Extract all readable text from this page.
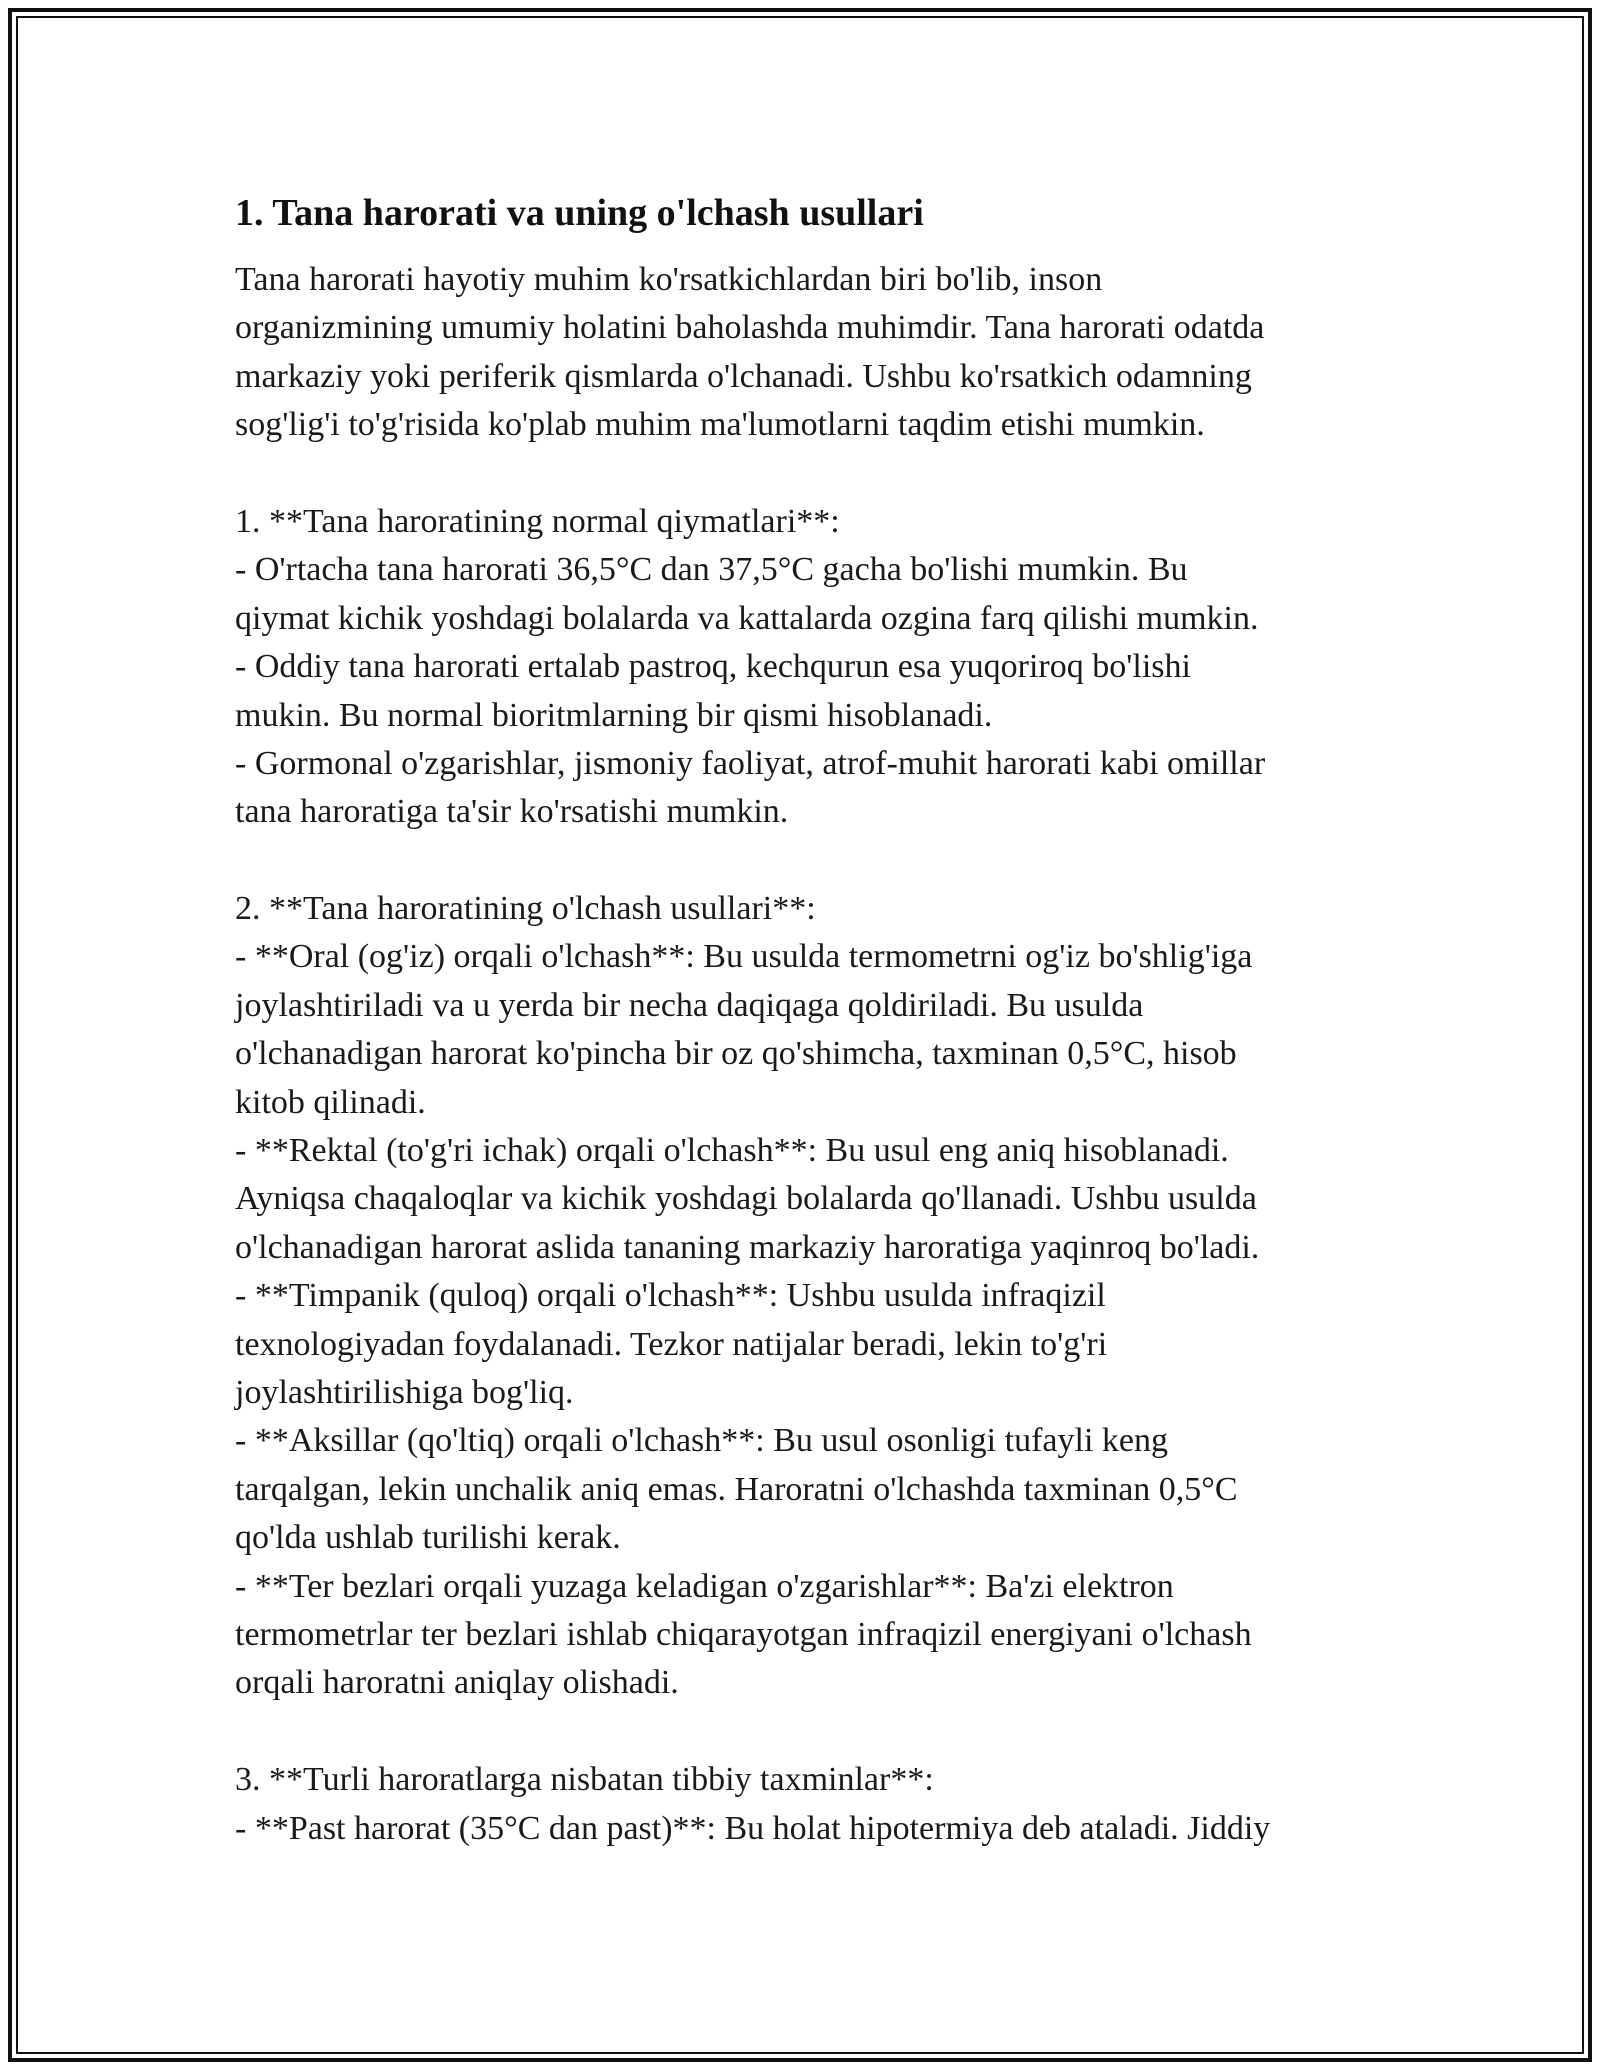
1. Tana harorati va uning o'lchash usullari
Tana harorati hayotiy muhim ko'rsatkichlardan biri bo'lib, inson
organizmining umumiy holatini baholashda muhimdir. Tana harorati odatda
markaziy yoki periferik qismlarda o'lchanadi. Ushbu ko'rsatkich odamning
sog'lig'i to'g'risida ko'plab muhim ma'lumotlarni taqdim etishi mumkin.
1. **Tana haroratining normal qiymatlari**:
- O'rtacha tana harorati 36,5°C dan 37,5°C gacha bo'lishi mumkin. Bu
qiymat kichik yoshdagi bolalarda va kattalarda ozgina farq qilishi mumkin.
- Oddiy tana harorati ertalab pastroq, kechqurun esa yuqoriroq bo'lishi
mukin. Bu normal bioritmlarning bir qismi hisoblanadi.
- Gormonal o'zgarishlar, jismoniy faoliyat, atrof-muhit harorati kabi omillar
tana haroratiga ta'sir ko'rsatishi mumkin.
2. **Tana haroratining o'lchash usullari**:
- **Oral (og'iz) orqali o'lchash**: Bu usulda termometrni og'iz bo'shlig'iga
joylashtiriladi va u yerda bir necha daqiqaga qoldiriladi. Bu usulda
o'lchanadigan harorat ko'pincha bir oz qo'shimcha, taxminan 0,5°C, hisob
kitob qilinadi.
- **Rektal (to'g'ri ichak) orqali o'lchash**: Bu usul eng aniq hisoblanadi.
Ayniqsa chaqaloqlar va kichik yoshdagi bolalarda qo'llanadi. Ushbu usulda
o'lchanadigan harorat aslida tananing markaziy haroratiga yaqinroq bo'ladi.
- **Timpanik (quloq) orqali o'lchash**: Ushbu usulda infraqizil
texnologiyadan foydalanadi. Tezkor natijalar beradi, lekin to'g'ri
joylashtirilishiga bog'liq.
- **Aksillar (qo'ltiq) orqali o'lchash**: Bu usul osonligi tufayli keng
tarqalgan, lekin unchalik aniq emas. Haroratni o'lchashda taxminan 0,5°C
qo'lda ushlab turilishi kerak.
- **Ter bezlari orqali yuzaga keladigan o'zgarishlar**: Ba'zi elektron
termometrlar ter bezlari ishlab chiqarayotgan infraqizil energiyani o'lchash
orqali haroratni aniqlay olishadi.
3. **Turli haroratlarga nisbatan tibbiy taxminlar**:
- **Past harorat (35°C dan past)**: Bu holat hipotermiya deb ataladi. Jiddiy
